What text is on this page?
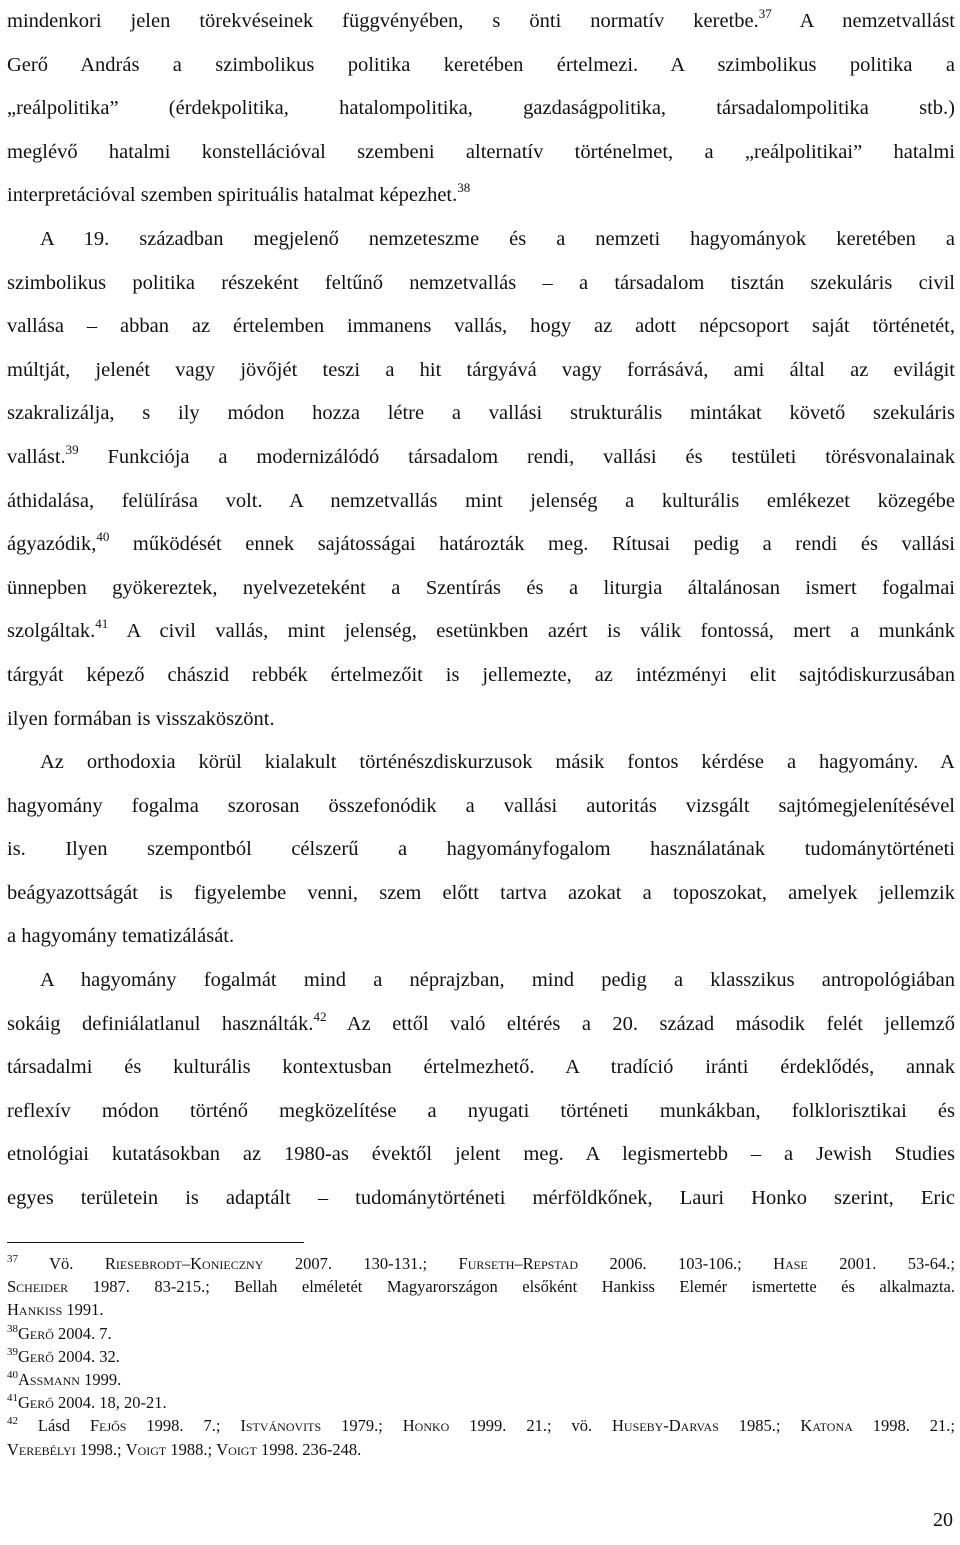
mindenkori jelen törekvéseinek függvényében, s önti normatív keretbe.$^{37}$ A nemzetvallást
Gerő András a szimbolikus politika keretében értelmezi. A szimbolikus politika a
„reálpolitika” (érdekpolitika, hatalompolitika, gazdaságpolitika, társadalompolitika stb.)
meglévő hatalmi konstellációval szembeni alternatív történelmet, a „reálpolitikai” hatalmi
interpretációval szemben spirituális hatalmat képezhet.$^{38}$
A 19. században megjelenő nemzeteszme és a nemzeti hagyományok keretében a
szimbolikus politika részeként feltűnő nemzetvallás – a társadalom tisztán szekuláris civil
vallása – abban az értelemben immanens vallás, hogy az adott népcsoport saját történetét,
múltját, jelenét vagy jövőjét teszi a hit tárgyává vagy forrásává, ami által az evilágit
szakralizálja, s ily módon hozza létre a vallási strukturális mintákat követő szekuláris
vallást.$^{39}$ Funkciója a modernizálódó társadalom rendi, vallási és testületi törésvonalainak
áthidalása, felülírása volt. A nemzetvallás mint jelenség a kulturális emlékezet közegébe
ágyazódik,$^{40}$ működését ennek sajátosságai határozták meg. Rítusai pedig a rendi és vallási
ünnepben gyökereztek, nyelvezeteként a Szentírás és a liturgia általánosan ismert fogalmai
szolgáltak.$^{41}$ A civil vallás, mint jelenség, esetünkben azért is válik fontossá, mert a munkánk
tárgyát képező chászid rebbék értelmezőit is jellemezte, az intézményi elit sajtódiskurzusában
ilyen formában is visszaköszönt.
Az orthodoxia körül kialakult történészdiskurzusok másik fontos kérdése a hagyomány. A
hagyomány fogalma szorosan összefonódik a vallási autoritás vizsgált sajtómegjelenítésével
is. Ilyen szempontból célszerű a hagyományfogalom használatának tudománytörténeti
beágyazottságát is figyelembe venni, szem előtt tartva azokat a toposzokat, amelyek jellemzik
a hagyomány tematizálását.
A hagyomány fogalmát mind a néprajzban, mind pedig a klasszikus antropológiában
sokáig definiálatlanul használták.$^{42}$ Az ettől való eltérés a 20. század második felét jellemző
társadalmi és kulturális kontextusban értelmezhető. A tradíció iránti érdeklődés, annak
reflexív módon történő megközelítése a nyugati történeti munkákban, folklorisztikai és
etnológiai kutatásokban az 1980-as évektől jelent meg. A legismertebb – a Jewish Studies
egyes területein is adaptált – tudománytörténeti mérföldkőnek, Lauri Honko szerint, Eric
$^{37}$ Vö. Riesebrodt–Konieczny 2007. 130-131.; Furseth–Repstad 2006. 103-106.; Hase 2001. 53-64.;
Scheider 1987. 83-215.; Bellah elméletét Magyarországon elsőként Hankiss Elemér ismertette és alkalmazta.
Hankiss 1991.
$^{38}$Gerő 2004. 7.
$^{39}$Gerő 2004. 32.
$^{40}$Assmann 1999.
$^{41}$Gerő 2004. 18, 20-21.
$^{42}$ Lásd Fejős 1998. 7.; Istvánovits 1979.; Honko 1999. 21.; vö. Huseby-Darvas 1985.; Katona 1998. 21.;
Verebélyi 1998.; Voigt 1988.; Voigt 1998. 236-248.
20
